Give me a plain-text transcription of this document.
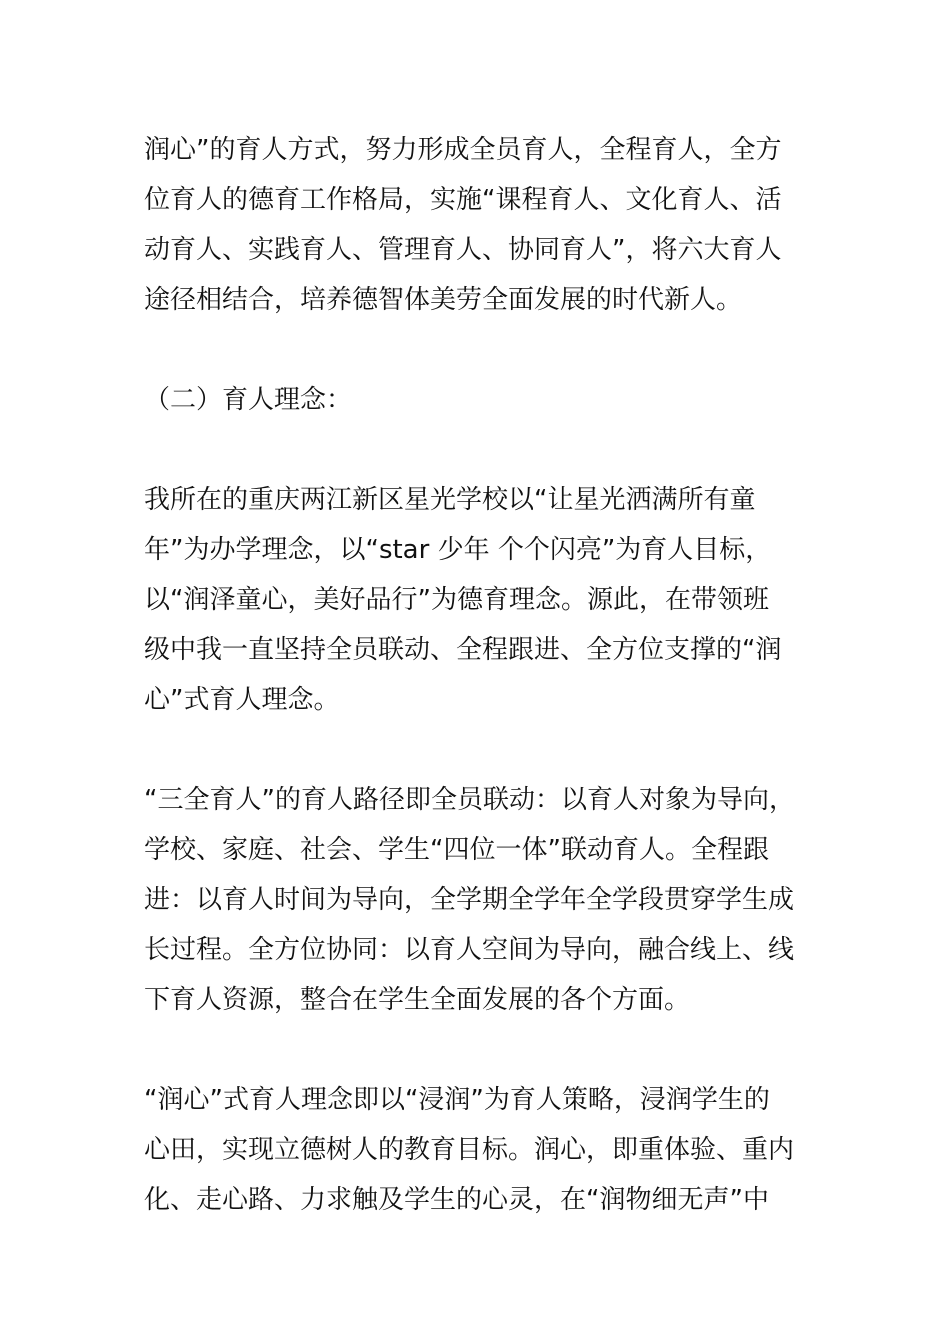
润心”的育人方式，努力形成全员育人，全程育人，全方
位育人的德育工作格局，实施“课程育人、文化育人、活
动育人、实践育人、管理育人、协同育人”，将六大育人
途径相结合，培养德智体美劳全面发展的时代新人。
（二）育人理念：
我所在的重庆两江新区星光学校以“让星光洒满所有童
年”为办学理念，以“star 少年 个个闪亮”为育人目标，
以“润泽童心，美好品行”为德育理念。源此，在带领班
级中我一直坚持全员联动、全程跟进、全方位支撑的“润
心”式育人理念。
“三全育人”的育人路径即全员联动：以育人对象为导向，
学校、家庭、社会、学生“四位一体”联动育人。全程跟
进：以育人时间为导向，全学期全学年全学段贯穿学生成
长过程。全方位协同：以育人空间为导向，融合线上、线
下育人资源，整合在学生全面发展的各个方面。
“润心”式育人理念即以“浸润”为育人策略，浸润学生的
心田，实现立德树人的教育目标。润心，即重体验、重内
化、走心路、力求触及学生的心灵，在“润物细无声”中
